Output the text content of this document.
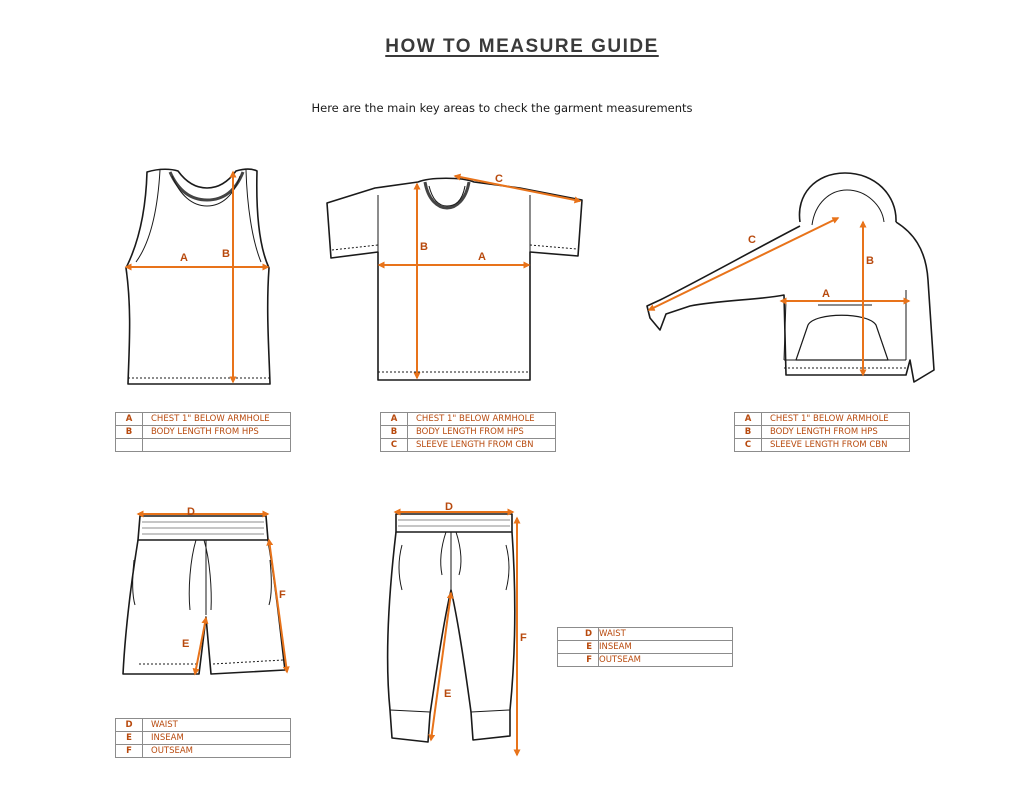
HOW TO MEASURE GUIDE
Here are the main key areas to check the garment measurements
A	B	A
B
C
A
B
C
D
E
F
D
E
F
A	CHEST 1" BELOW ARMHOLE
B	BODY LENGTH FROM HPS

A	CHEST 1" BELOW ARMHOLE
B	BODY LENGTH FROM HPS
C	SLEEVE LENGTH FROM CBN
A	CHEST 1" BELOW ARMHOLE
B	BODY LENGTH FROM HPS
C	SLEEVE LENGTH FROM CBN
D	WAIST
E	INSEAM
F	OUTSEAM
D	WAIST
E	INSEAM
F	OUTSEAM
